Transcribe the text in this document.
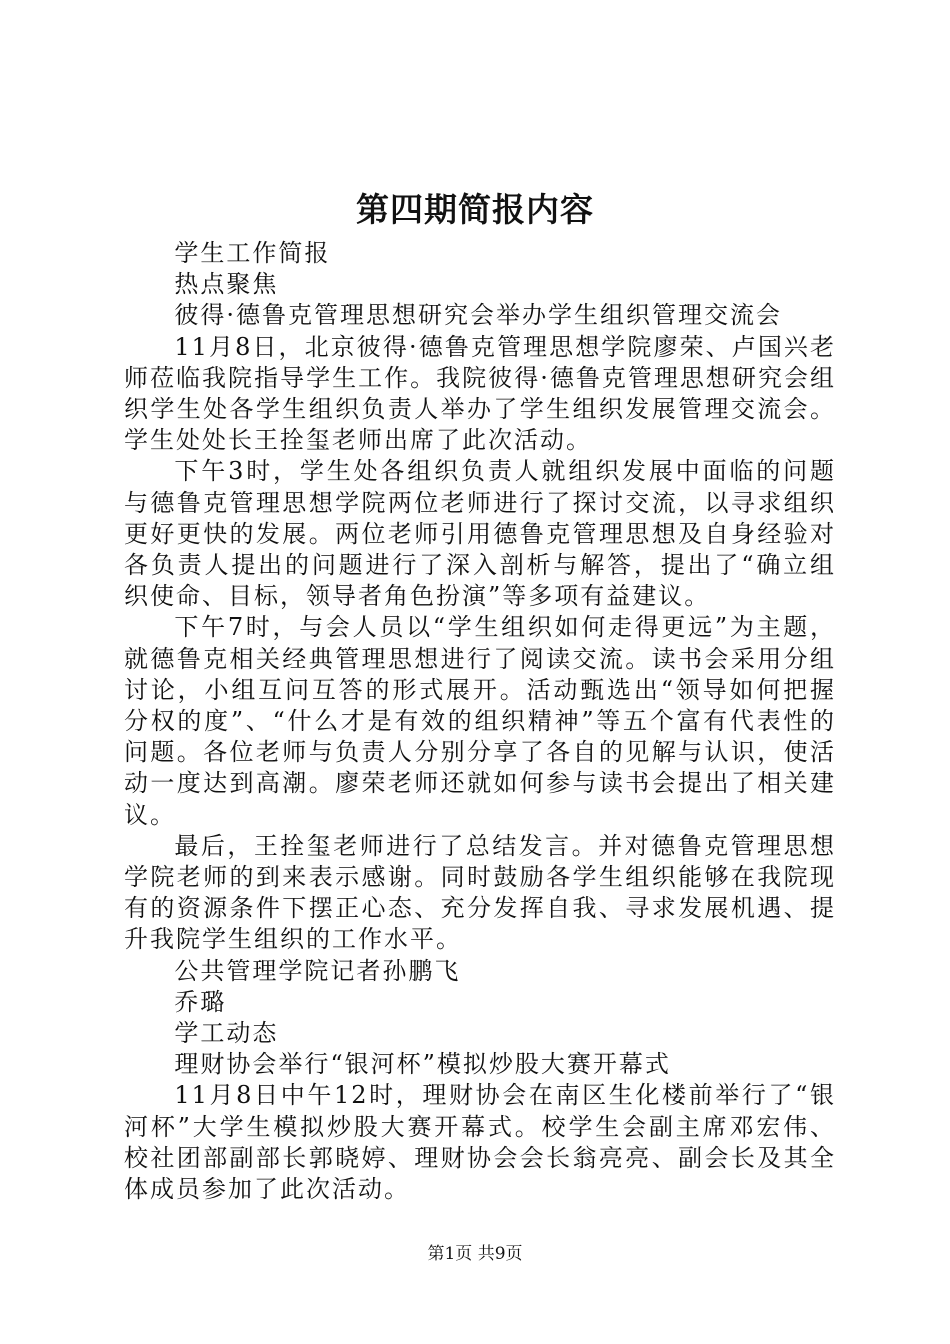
第四期简报内容

学生工作简报

热点聚焦

彼得·德鲁克管理思想研究会举办学生组织管理交流会

11月8日，北京彼得·德鲁克管理思想学院廖荣、卢国兴老师莅临我院指导学生工作。我院彼得·德鲁克管理思想研究会组织学生处各学生组织负责人举办了学生组织发展管理交流会。学生处处长王拴玺老师出席了此次活动。

下午3时，学生处各组织负责人就组织发展中面临的问题与德鲁克管理思想学院两位老师进行了探讨交流，以寻求组织更好更快的发展。两位老师引用德鲁克管理思想及自身经验对各负责人提出的问题进行了深入剖析与解答，提出了“确立组织使命、目标，领导者角色扮演”等多项有益建议。

下午7时，与会人员以“学生组织如何走得更远”为主题，就德鲁克相关经典管理思想进行了阅读交流。读书会采用分组讨论，小组互问互答的形式展开。活动甄选出“领导如何把握分权的度”、“什么才是有效的组织精神”等五个富有代表性的问题。各位老师与负责人分别分享了各自的见解与认识，使活动一度达到高潮。廖荣老师还就如何参与读书会提出了相关建议。

最后，王拴玺老师进行了总结发言。并对德鲁克管理思想学院老师的到来表示感谢。同时鼓励各学生组织能够在我院现有的资源条件下摆正心态、充分发挥自我、寻求发展机遇、提升我院学生组织的工作水平。

公共管理学院记者孙鹏飞

乔璐

学工动态

理财协会举行“银河杯”模拟炒股大赛开幕式

11月8日中午12时，理财协会在南区生化楼前举行了“银河杯”大学生模拟炒股大赛开幕式。校学生会副主席邓宏伟、校社团部副部长郭晓婷、理财协会会长翁亮亮、副会长及其全体成员参加了此次活动。

第1页 共9页
